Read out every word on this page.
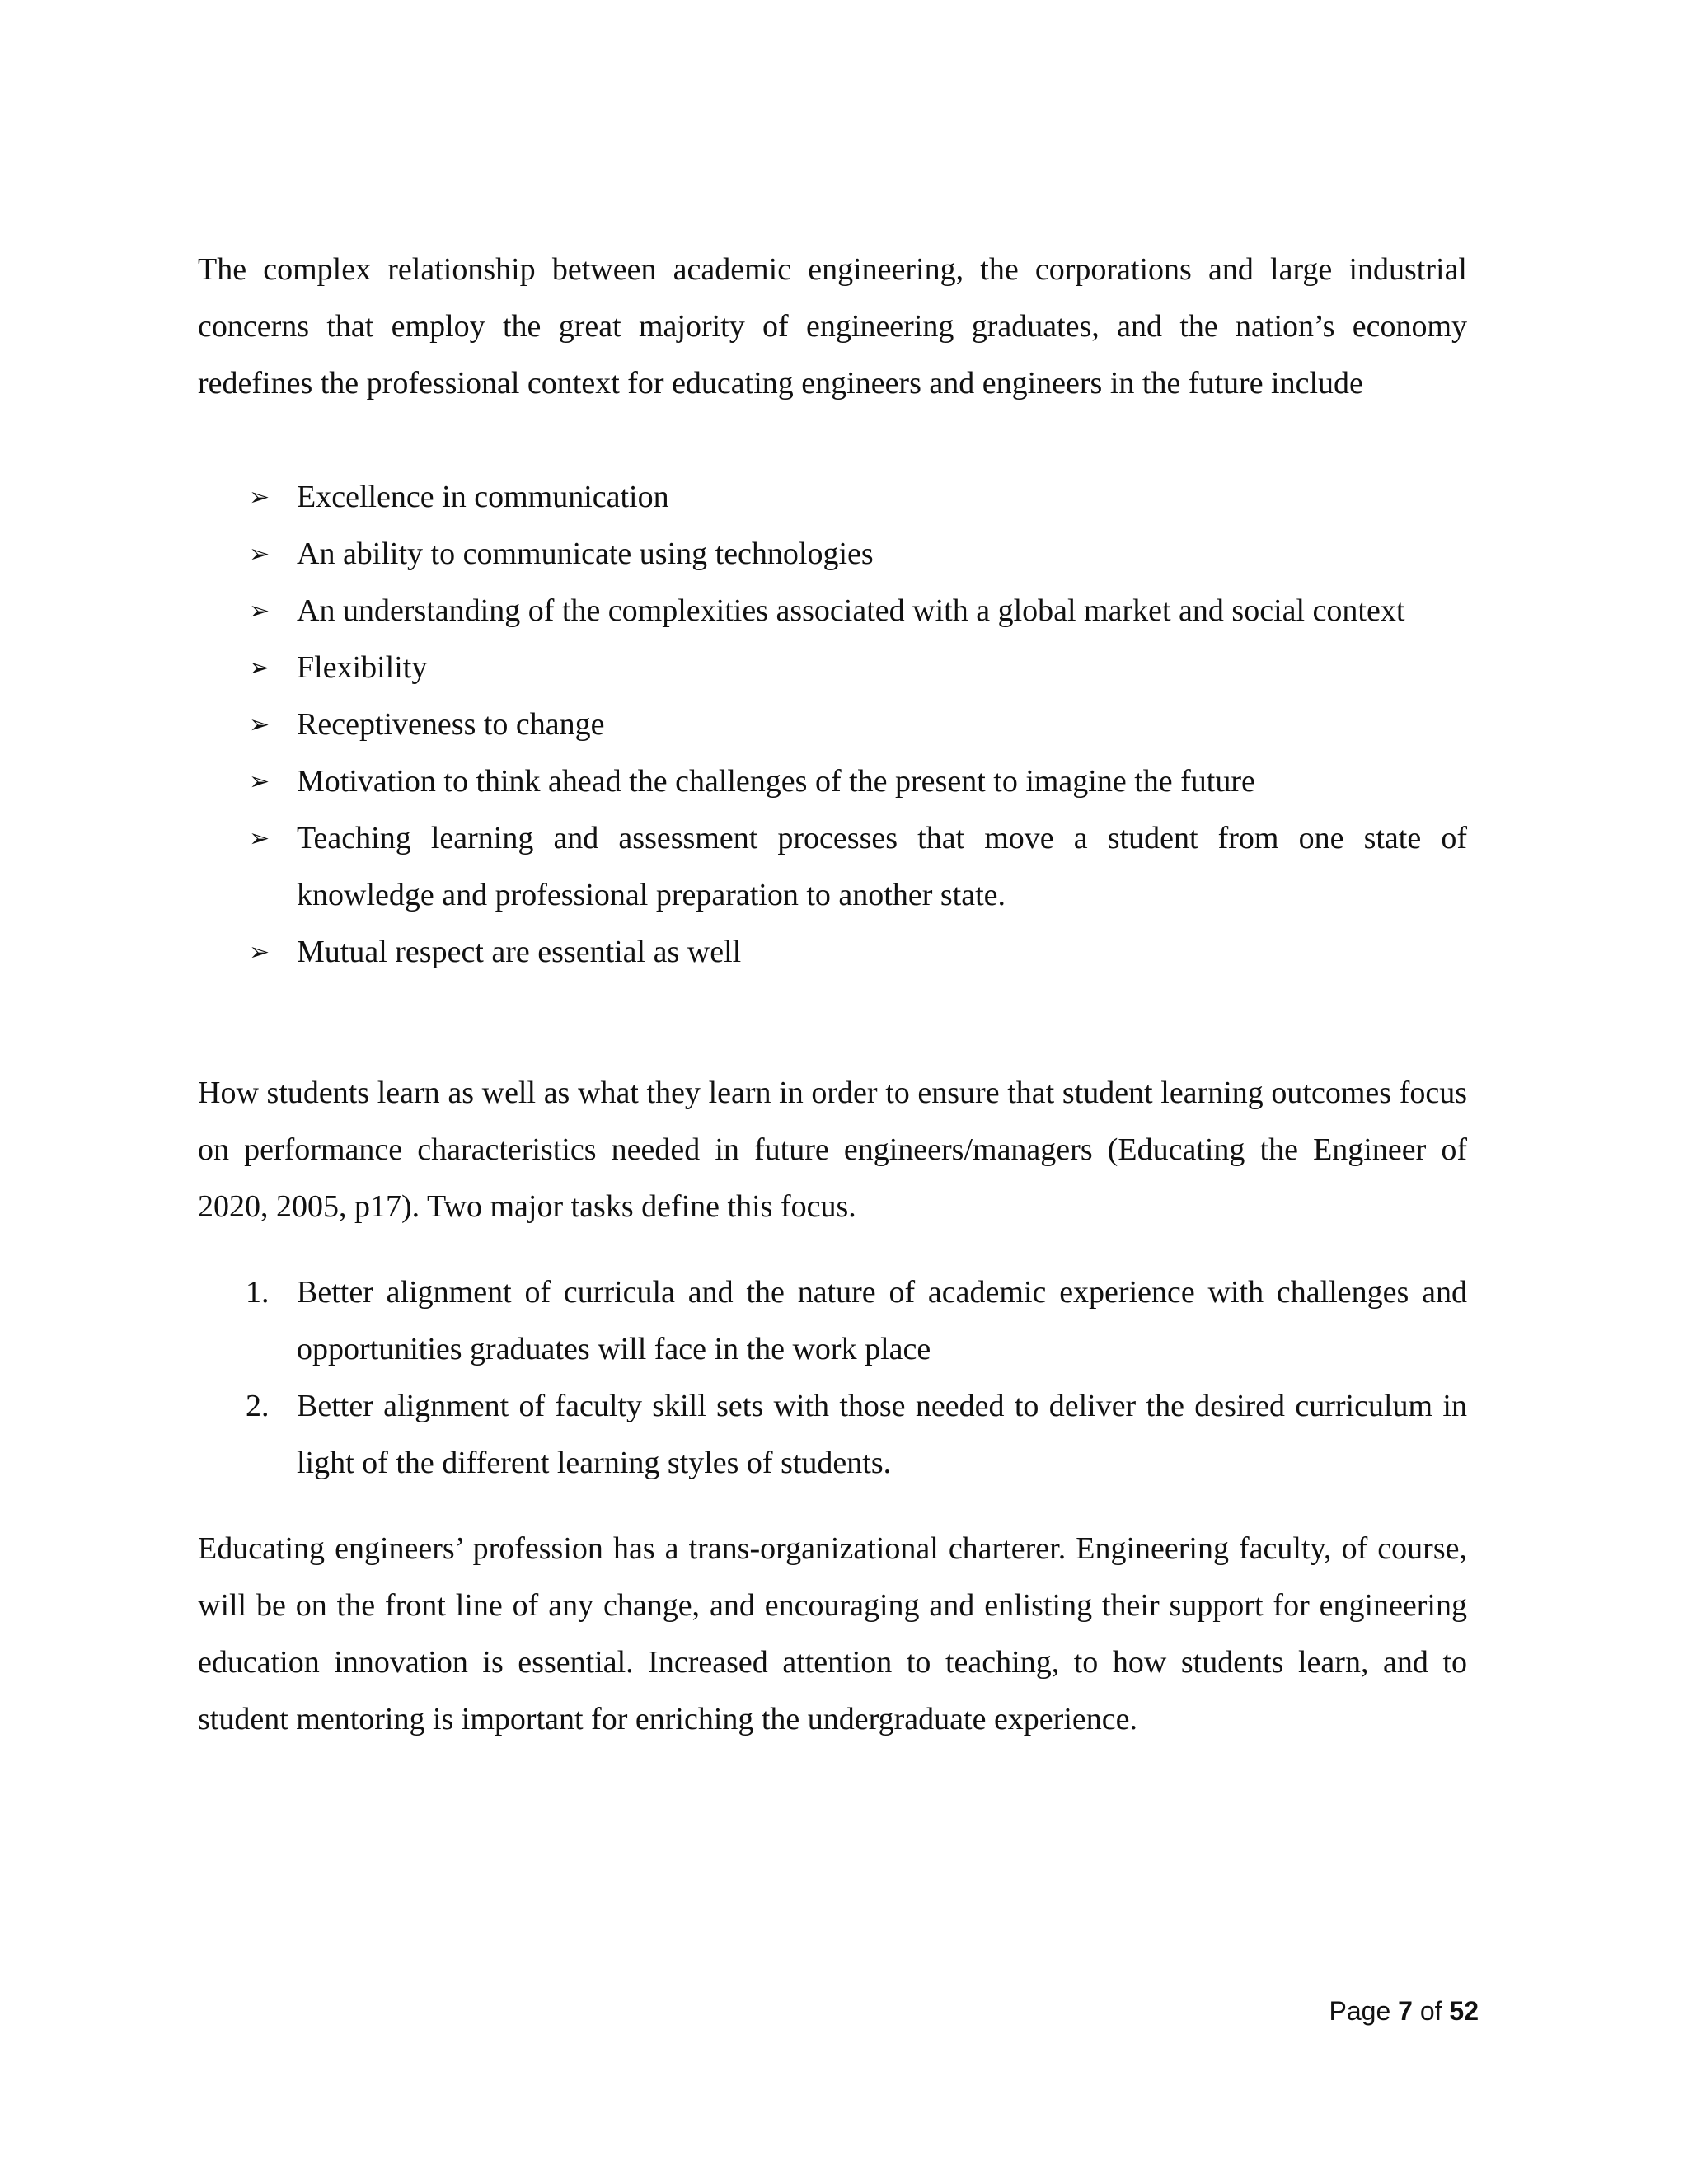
The complex relationship between academic engineering, the corporations and large industrial concerns that employ the great majority of engineering graduates, and the nation’s economy redefines the professional context for educating engineers and engineers in the future include

➢ Excellence in communication
➢ An ability to communicate using technologies
➢ An understanding of the complexities associated with a global market and social context
➢ Flexibility
➢ Receptiveness to change
➢ Motivation to think ahead the challenges of the present to imagine the future
➢ Teaching learning and assessment processes that move a student from one state of knowledge and professional preparation to another state.
➢ Mutual respect are essential as well

How students learn as well as what they learn in order to ensure that student learning outcomes focus on performance characteristics needed in future engineers/managers (Educating the Engineer of 2020, 2005, p17). Two major tasks define this focus.

1. Better alignment of curricula and the nature of academic experience with challenges and opportunities graduates will face in the work place
2. Better alignment of faculty skill sets with those needed to deliver the desired curriculum in light of the different learning styles of students.

Educating engineers’ profession has a trans-organizational charterer. Engineering faculty, of course, will be on the front line of any change, and encouraging and enlisting their support for engineering education innovation is essential. Increased attention to teaching, to how students learn, and to student mentoring is important for enriching the undergraduate experience.

Page 7 of 52
